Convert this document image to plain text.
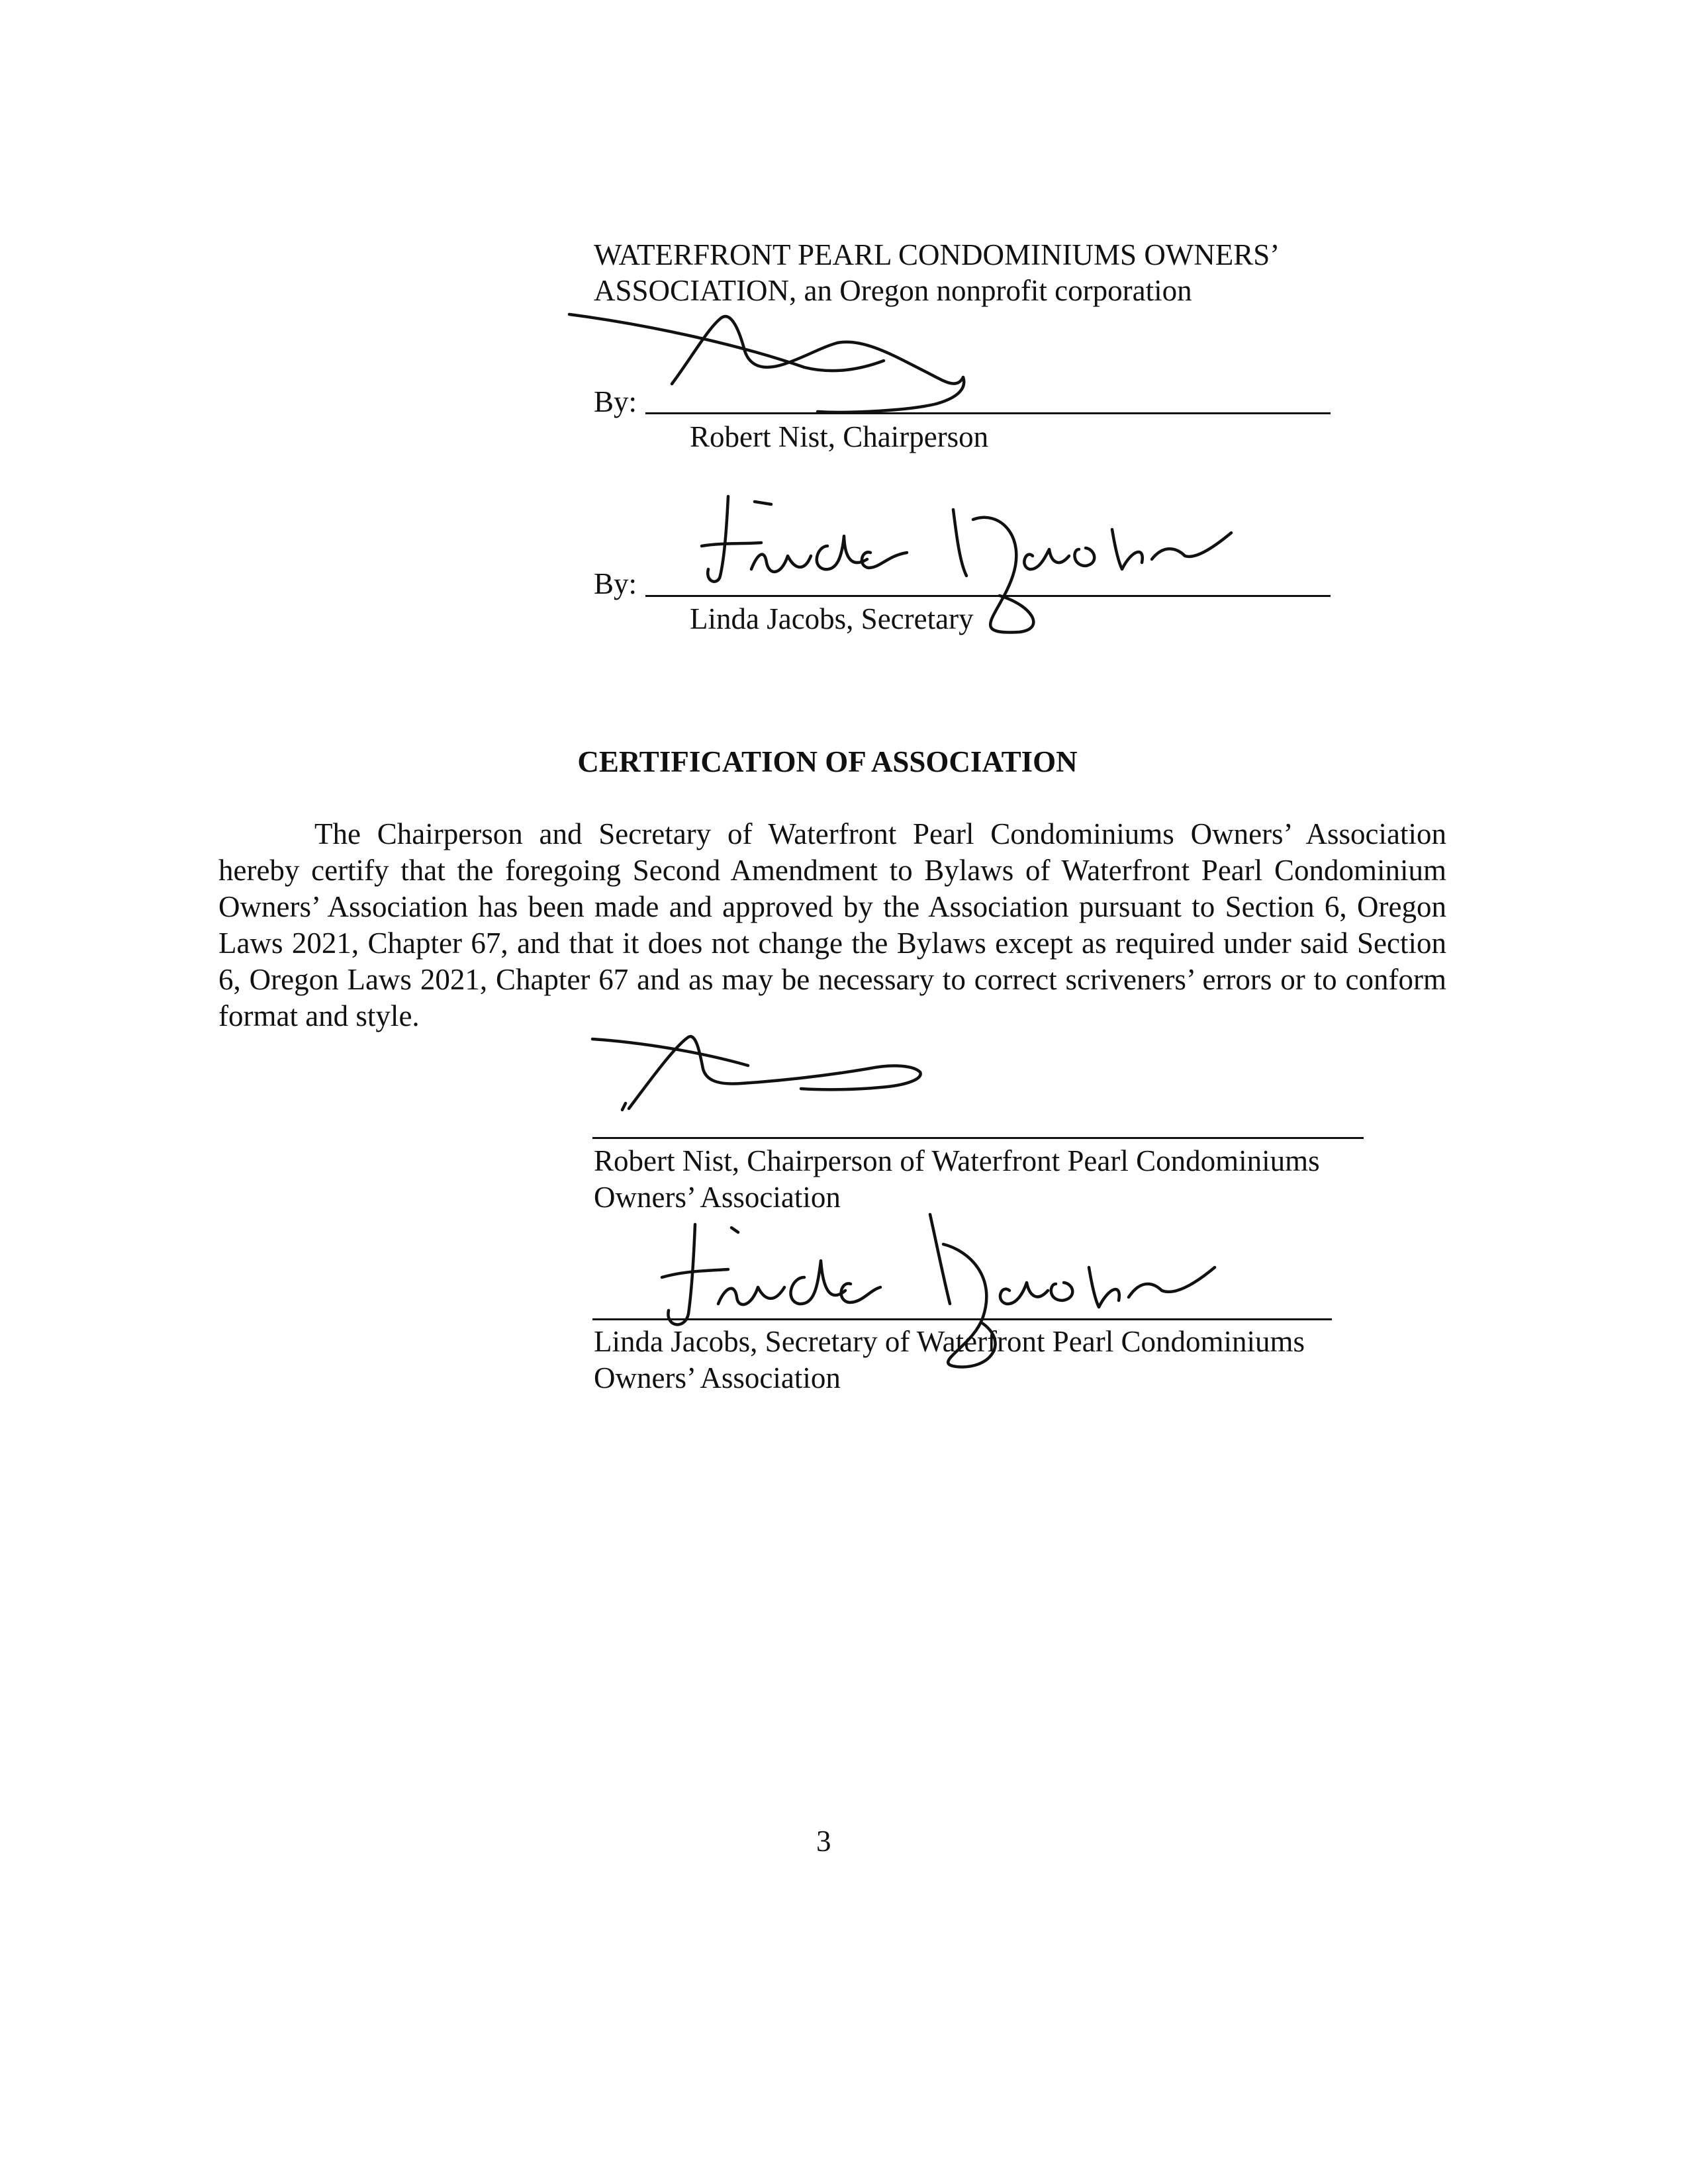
WATERFRONT PEARL CONDOMINIUMS OWNERS’
ASSOCIATION, an Oregon nonprofit corporation
By:
Robert Nist, Chairperson
By:
Linda Jacobs, Secretary
CERTIFICATION OF ASSOCIATION
The Chairperson and Secretary of Waterfront Pearl Condominiums Owners’ Association hereby certify that the foregoing Second Amendment to Bylaws of Waterfront Pearl Condominium Owners’ Association has been made and approved by the Association pursuant to Section 6, Oregon Laws 2021, Chapter 67, and that it does not change the Bylaws except as required under said Section 6, Oregon Laws 2021, Chapter 67 and as may be necessary to correct scriveners’ errors or to conform format and style.
Robert Nist, Chairperson of Waterfront Pearl Condominiums
Owners’ Association
Linda Jacobs, Secretary of Waterfront Pearl Condominiums
Owners’ Association
3
